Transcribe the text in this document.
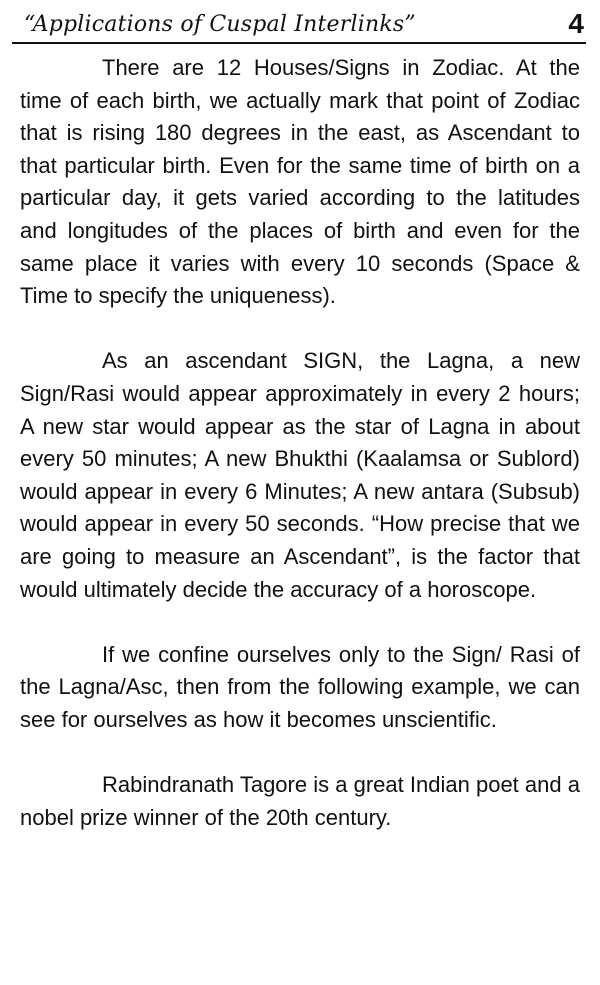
“Applications of Cuspal Interlinks”	4

There are 12 Houses/Signs in Zodiac. At the time of each birth, we actually mark that point of Zodiac that is rising 180 degrees in the east, as Ascendant to that particular birth. Even for the same time of birth on a particular day, it gets varied according to the latitudes and longitudes of the places of birth and even for the same place it varies with every 10 seconds (Space & Time to specify the uniqueness).

As an ascendant SIGN, the Lagna, a new Sign/Rasi would appear approximately in every 2 hours; A new star would appear as the star of Lagna in about every 50 minutes; A new Bhukthi (Kaalamsa or Sublord) would appear in every 6 Minutes; A new antara (Subsub) would appear in every 50 seconds. “How precise that we are going to measure an Ascendant”, is the factor that would ultimately decide the accuracy of a horoscope.

If we confine ourselves only to the Sign/ Rasi of the Lagna/Asc, then from the following example, we can see for ourselves as how it becomes unscientific.

Rabindranath Tagore is a great Indian poet and a nobel prize winner of the 20th century.
